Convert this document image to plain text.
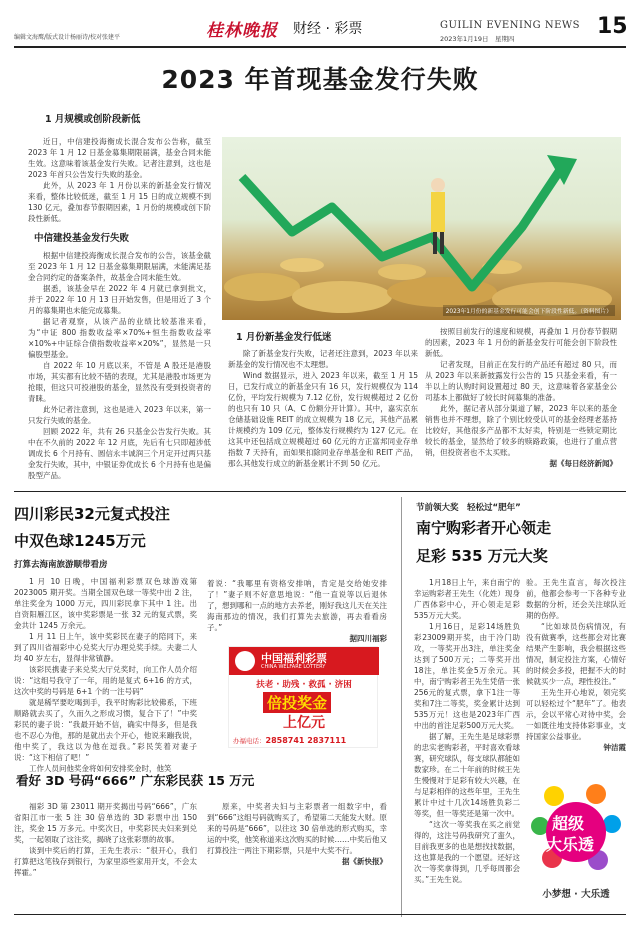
编辑文海鹰/版式设计杨丽诗/校对张建平	桂林晚报 财经 · 彩票	GUILIN EVENING NEWS
2023年1月19日　星期四	15
2023 年首现基金发行失败
1 月规模或创阶段新低

近日，中信建投海衡成长混合发布公告称，截至 2023 年 1 月 12 日基金募集期限届满，基金合同未能生效。这意味着该基金发行失败。记者注意到，这也是 2023 年首只公告发行失败的基金。

此外，从 2023 年 1 月份以来的新基金发行情况来看，整体比较低迷，截至 1 月 15 日的成立规模不到 130 亿元，叠加春节假期因素，1 月份的规模或创下阶段性新低。

中信建投基金发行失败

根据中信建投海衡成长混合发布的公告，该基金截至 2023 年 1 月 12 日基金募集期限届满，未能满足基金合同约定的备案条件，故基金合同未能生效。

据悉，该基金早在 2022 年 4 月就已拿到批文，并于 2022 年 10 月 13 日开始发售，但是用近了 3 个月的募集期也未能完成募集。

据记者观察，从该产品的业绩比较基准来看，为“中证 800 指数收益率×70%+恒生指数收益率×10%+中证综合债指数收益率×20%”，显然是一只偏股型基金。

自 2022 年 10 月底以来，不管是 A 股还是港股市场，其实都有比较不错的表现，尤其是港股市场更为抢眼，但这只可投港股的基金，显然没有受到投资者的青睐。

此外记者注意到，这也是进入 2023 年以来，第一只发行失败的基金。

回顾 2022 年，共有 26 只基金公告发行失败。其中在不久前的 2022 年 12 月底，先后有七只即超涉低调成长 6 个月持有、圆信永丰诚润三个月定开过两只基金发行失败，其中，中银证券优成长 6 个月持有也是偏股型产品。

2023年1月份的新基金发行可能会创下阶段性新低。（资料图片）
1 月份新基金发行低迷

除了新基金发行失败，记者还注意到，2023 年以来新基金的发行情况也不太理想。

Wind 数据显示，进入 2023 年以来，截至 1 月 15 日，已发行成立的新基金只有 16 只，发行规模仅为 114 亿份，平均发行规模为 7.12 亿份，发行规模超过 2 亿份的也只有 10 只（A、C 份额分开计算）。其中，嘉实京东仓储基础设施 REIT 的成立规模为 18 亿元，其他产品累计规模约为 109 亿元，整体发行规模约为 127 亿元。在这其中还包括成立规模超过 60 亿元的方正富邦同业存单指数 7 天持有，而如果扣除同业存单基金和 REIT 产品，那么其他发行成立的新基金累计不到 50 亿元。

按照目前发行的速度和规模，再叠加 1 月份春节假期的因素，2023 年 1 月份的新基金发行可能会创下阶段性新低。

记者发现，目前正在发行的产品还有超过 80 只，而从 2023 年以来新披露发行公告的 15 只基金来看，有一半以上的认购时间设置超过 80 天，这意味着各家基金公司基本上都做好了较长时间募集的准备。

此外，据记者从部分渠道了解，2023 年以来的基金销售也并不理想，除了个别比较受认可的基金经理老基持比较好，其他很多产品都不太好卖，特别是一些锁定期比较长的基金，显然给了较多的赎路政策，也进行了重点营销，但投资者也不太买账。

据《每日经济新闻》

四川彩民32元复式投注
中双色球1245万元
打算去海南旅游顺带看房

1 月 10 日晚，中国福利彩票双色球游戏第 2023005 期开奖。当期全国双色球一等奖中出 2 注，单注奖金为 1000 万元，四川彩民拿下其中 1 注。出自资阳雁江区，该中奖彩票是一张 32 元的复式票，奖金共计 1245 万余元。

1 月 11 日上午，该中奖彩民在妻子的陪同下，来到了四川省福彩中心兑奖大厅办理兑奖手续。夫妻二人均 40 岁左右，显得非常镇静。

该彩民携妻子来兑奖大厅兑奖时，向工作人员介绍说：“这组号我守了一年，用的是复式 6+16 的方式，这次中奖的号码是 6+1 个的一注号码”

就是稀罕要吃喝到手，我平时购彩比较佛系，下班顺路就去买了，久而久之形成习惯，复合下了！”中奖彩民的妻子说：“我最开始不信，确实中得多，但是我也不忍心为他，那的是就出去个开心，他说来蹦我说，他中奖了，我这以为他在逗我。”彩民笑着对妻子说：“这下相信了吧！”

工作人员问他奖金将如何安排奖金时，他笑

着说：“我哪里有资格安排呐，肯定是交给她安排了！”妻子则不好意思地说：“他一直说等以后退休了，想到哪和一点的地方去养老，刚好我这儿天在关注海南那边的情况，我们打算先去旅游，再去看看房子。”

据四川福彩

中国福利彩票
CHINA WELFARE LOTTERY
扶老 · 助残 · 救孤 · 济困
倍投奖金
上亿元
办福电话：2858741 2837111
看好 3D 号码“666” 广东彩民获 15 万元

福彩 3D 第 23011 期开奖揭出号码“666”，广东省阳江市一张 5 注 30 倍单选的 3D 彩票中出 150 注，奖金 15 万多元。中奖次日，中奖彩民夫妇来到兑奖，一起领取了这注奖，揭晓了这张彩票的故事。

谈到中奖后的打算，王先生表示：“很开心，我们打算把这笔钱存到银行，为家里添些家用开支，不会太挥霍。”

原来，中奖者夫妇与主彩票者一组数字中，看到“666”这组号码就购买了，希望第二天能发大财。原来的号码是“666”，以往这 30 倍单选的形式购买，幸运的中奖，他笑称道来这次购买的时候……中奖后他又打算投注一两注下期彩票，只是中大奖不行。

据《新快报》

节前领大奖　轻松过“肥年”
南宁购彩者开心领走
足彩 535 万元大奖

1月18日上午，来自南宁的幸运购彩者王先生（化姓）现身广西体彩中心，开心领走足彩535万元大奖。

1月16日，足彩14场胜负彩23009期开奖，由于冷门助攻，一等奖开出3注，单注奖金达到了500万元；二等奖开出18注，单注奖金5万余元。其中，南宁购彩者王先生凭借一张256元的复式票，拿下1注一等奖和7注二等奖，奖金累计达到535万元！这也是2023年广西中出的首注足彩500万元大奖。

据了解，王先生是足球彩票的忠实老购彩者，平时喜欢看球赛，研究球队，每支球队都能如数家珍。在二十年前的时候王先生慢慢对于足彩有较大兴趣，在与足彩相伴的这些年里，王先生累计中过十几次14场胜负彩二等奖，但一等奖还是第一次中。

“这次一等奖我在买之前觉得的，这注号码我研究了蛮久，目前我更多的也是想找找数据，这也算是我的一个愿望。还好这次一等奖拿得到，几乎每周都会买。”王先生说。

验。王先生直言，每次投注前，他都会参考一下各种专业数据的分析，还会关注球队近期的伤停。

“比如球员伤病情况，有没有做赛季，这些都会对比赛结果产生影响，我会根据这些情况，制定投注方案，心情好的时候会多投，把握不大的时候就买少一点，理性投注。”

王先生开心地说，领完奖可以轻松过个“肥年”了。他表示，会以平常心对待中奖，会一如既往地支持体彩事业，支持国家公益事业。

钟洁霞

超级
大乐透
小梦想 · 大乐透
